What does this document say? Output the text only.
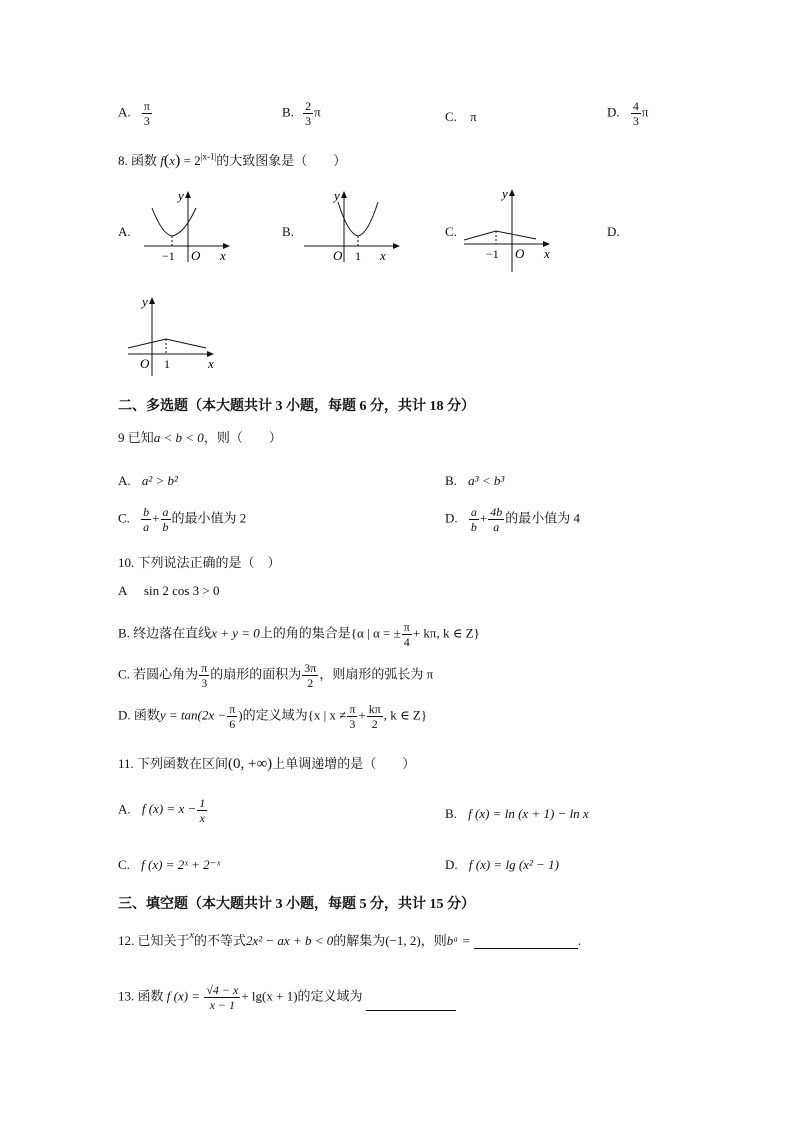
A. $\frac{\pi}{3}$	B. $\frac{2}{3}$ π	C. π	D. $\frac{4}{3}$ π
8. 函数 $f(x) = 2^{|x-1|}$的大致图象是（　　）
A.	B.	C.	D.
y
x
O
−1
y
x
O 1
y
x
O
−1
y
x
O 1
二、多选题（本大题共计 3 小题，每题 6 分，共计 18 分）
9 已知a < b < 0，则（　　）
A. a² > b²	B. a³ < b³
C. $\frac{b}{a} + \frac{a}{b}$ 的最小值为 2	D. $\frac{a}{b} + \frac{4b}{a}$ 的最小值为 4
10. 下列说法正确的是（　）
A sin 2 cos 3 > 0
B. 终边落在直线x + y = 0上的角的集合是{α | α = ± $\frac{\pi}{4} + k\pi$, k ∈ Z}
C. 若圆心角为 $\frac{\pi}{3}$ 的扇形的面积为 $\frac{3\pi}{2}$ ，则扇形的弧长为 π
D. 函数$y = \tan(2x - \frac{\pi}{6}$ )的定义域为{x | $x \ne \frac{\pi}{3} + \frac{k\pi}{2}$ , k ∈ Z}
11. 下列函数在区间(0, +∞)上单调递增的是（　　）
A. f $(x) = x - \frac{1}{x}$	B. f (x) = ln (x + 1) − ln x
C. f (x) = 2ˣ + 2⁻ˣ	D. f (x) = lg (x² − 1)
三、填空题（本大题共计 3 小题，每题 5 分，共计 15 分）
12. 已知关于$^x$的不等式2x² − ax + b < 0的解集为(−1, 2)，则bᵃ =	.
13. 函数 f $(x) = \frac{√4 - x}{x - 1} + \lg(x + 1)$的定义域为
